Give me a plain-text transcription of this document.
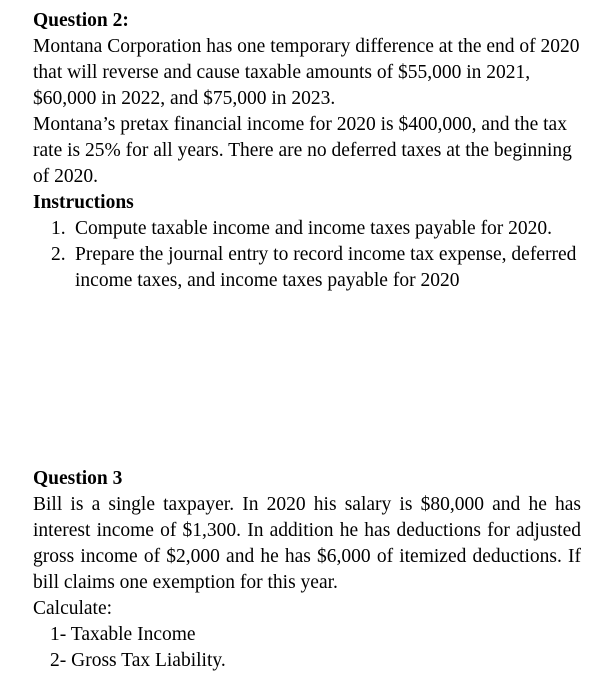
Question 2:

Montana Corporation has one temporary difference at the end of 2020 that will reverse and cause taxable amounts of $55,000 in 2021, $60,000 in 2022, and $75,000 in 2023.
Montana’s pretax financial income for 2020 is $400,000, and the tax rate is 25% for all years. There are no deferred taxes at the beginning of 2020.

Instructions
1. Compute taxable income and income taxes payable for 2020.
2. Prepare the journal entry to record income tax expense, deferred income taxes, and income taxes payable for 2020
Question 3

Bill is a single taxpayer. In 2020 his salary is $80,000 and he has interest income of $1,300. In addition he has deductions for adjusted gross income of $2,000 and he has $6,000 of itemized deductions. If bill claims one exemption for this year.

Calculate:

1- Taxable Income
2- Gross Tax Liability.
